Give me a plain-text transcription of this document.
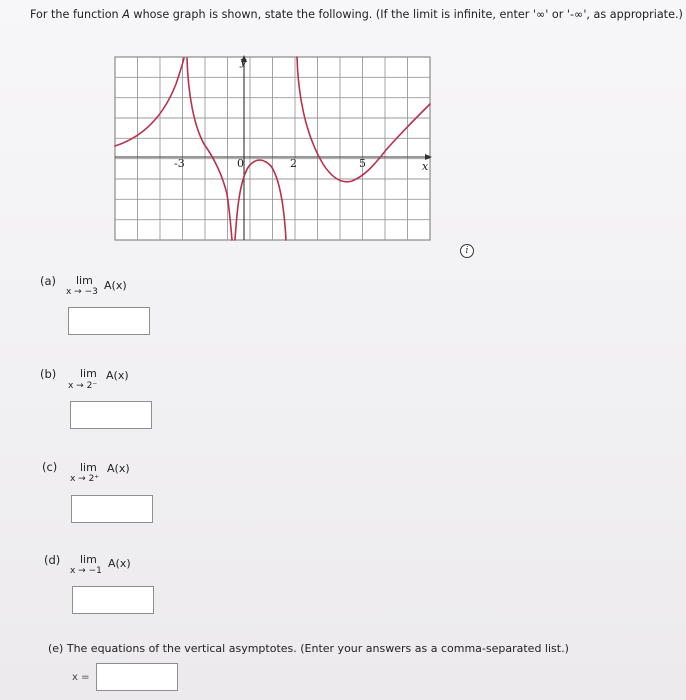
For the function A whose graph is shown, state the following. (If the limit is infinite, enter '∞' or '-∞', as appropriate.)
y
x
-3	0	2	5
i
(a) lim
x → −3 A(x)
(b) lim
x → 2⁻
A(x)
(c) lim
x → 2⁺
A(x)
(d) lim
x → −1
A(x)
(e) The equations of the vertical asymptotes. (Enter your answers as a comma-separated list.)
x =
